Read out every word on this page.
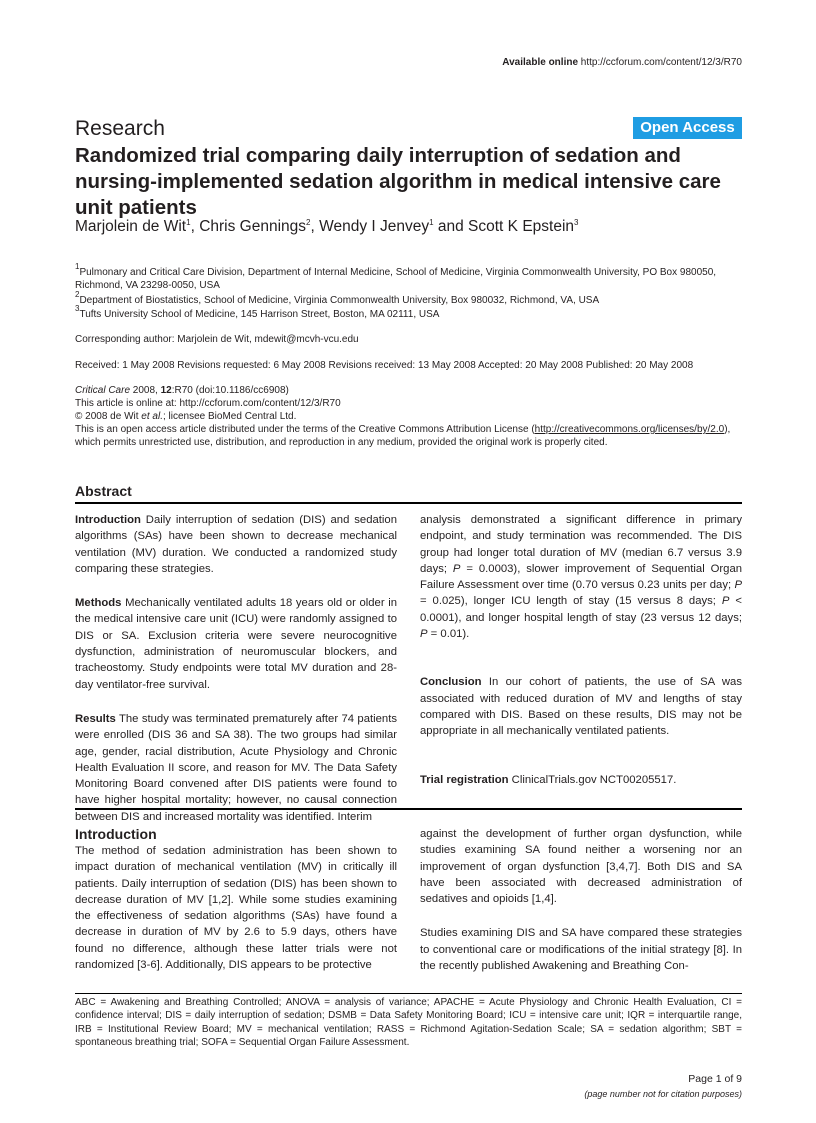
Available online http://ccforum.com/content/12/3/R70
Research	Open Access
Randomized trial comparing daily interruption of sedation and nursing-implemented sedation algorithm in medical intensive care unit patients
Marjolein de Wit$^1$, Chris Gennings$^2$, Wendy I Jenvey$^1$ and Scott K Epstein$^3$
$^1$Pulmonary and Critical Care Division, Department of Internal Medicine, School of Medicine, Virginia Commonwealth University, PO Box 980050, Richmond, VA 23298-0050, USA
$^2$Department of Biostatistics, School of Medicine, Virginia Commonwealth University, Box 980032, Richmond, VA, USA
$^3$Tufts University School of Medicine, 145 Harrison Street, Boston, MA 02111, USA
Corresponding author: Marjolein de Wit, mdewit@mcvh-vcu.edu
Received: 1 May 2008 Revisions requested: 6 May 2008 Revisions received: 13 May 2008 Accepted: 20 May 2008 Published: 20 May 2008
Critical Care 2008, 12:R70 (doi:10.1186/cc6908)
This article is online at: http://ccforum.com/content/12/3/R70
© 2008 de Wit et al.; licensee BioMed Central Ltd.
This is an open access article distributed under the terms of the Creative Commons Attribution License (http://creativecommons.org/licenses/by/2.0), which permits unrestricted use, distribution, and reproduction in any medium, provided the original work is properly cited.
Abstract

Introduction Daily interruption of sedation (DIS) and sedation algorithms (SAs) have been shown to decrease mechanical ventilation (MV) duration. We conducted a randomized study comparing these strategies.

Methods Mechanically ventilated adults 18 years old or older in the medical intensive care unit (ICU) were randomly assigned to DIS or SA. Exclusion criteria were severe neurocognitive dysfunction, administration of neuromuscular blockers, and tracheostomy. Study endpoints were total MV duration and 28-day ventilator-free survival.

Results The study was terminated prematurely after 74 patients were enrolled (DIS 36 and SA 38). The two groups had similar age, gender, racial distribution, Acute Physiology and Chronic Health Evaluation II score, and reason for MV. The Data Safety Monitoring Board convened after DIS patients were found to have higher hospital mortality; however, no causal connection between DIS and increased mortality was identified. Interim

analysis demonstrated a significant difference in primary endpoint, and study termination was recommended. The DIS group had longer total duration of MV (median 6.7 versus 3.9 days; P = 0.0003), slower improvement of Sequential Organ Failure Assessment over time (0.70 versus 0.23 units per day; P = 0.025), longer ICU length of stay (15 versus 8 days; P < 0.0001), and longer hospital length of stay (23 versus 12 days; P = 0.01).

Conclusion In our cohort of patients, the use of SA was associated with reduced duration of MV and lengths of stay compared with DIS. Based on these results, DIS may not be appropriate in all mechanically ventilated patients.

Trial registration ClinicalTrials.gov NCT00205517.

Introduction

The method of sedation administration has been shown to impact duration of mechanical ventilation (MV) in critically ill patients. Daily interruption of sedation (DIS) has been shown to decrease duration of MV [1,2]. While some studies examining the effectiveness of sedation algorithms (SAs) have found a decrease in duration of MV by 2.6 to 5.9 days, others have found no difference, although these latter trials were not randomized [3-6]. Additionally, DIS appears to be protective

against the development of further organ dysfunction, while studies examining SA found neither a worsening nor an improvement of organ dysfunction [3,4,7]. Both DIS and SA have been associated with decreased administration of sedatives and opioids [1,4].

Studies examining DIS and SA have compared these strategies to conventional care or modifications of the initial strategy [8]. In the recently published Awakening and Breathing Con-

ABC = Awakening and Breathing Controlled; ANOVA = analysis of variance; APACHE = Acute Physiology and Chronic Health Evaluation, CI = confidence interval; DIS = daily interruption of sedation; DSMB = Data Safety Monitoring Board; ICU = intensive care unit; IQR = interquartile range, IRB = Institutional Review Board; MV = mechanical ventilation; RASS = Richmond Agitation-Sedation Scale; SA = sedation algorithm; SBT = spontaneous breathing trial; SOFA = Sequential Organ Failure Assessment.
Page 1 of 9
(page number not for citation purposes)
